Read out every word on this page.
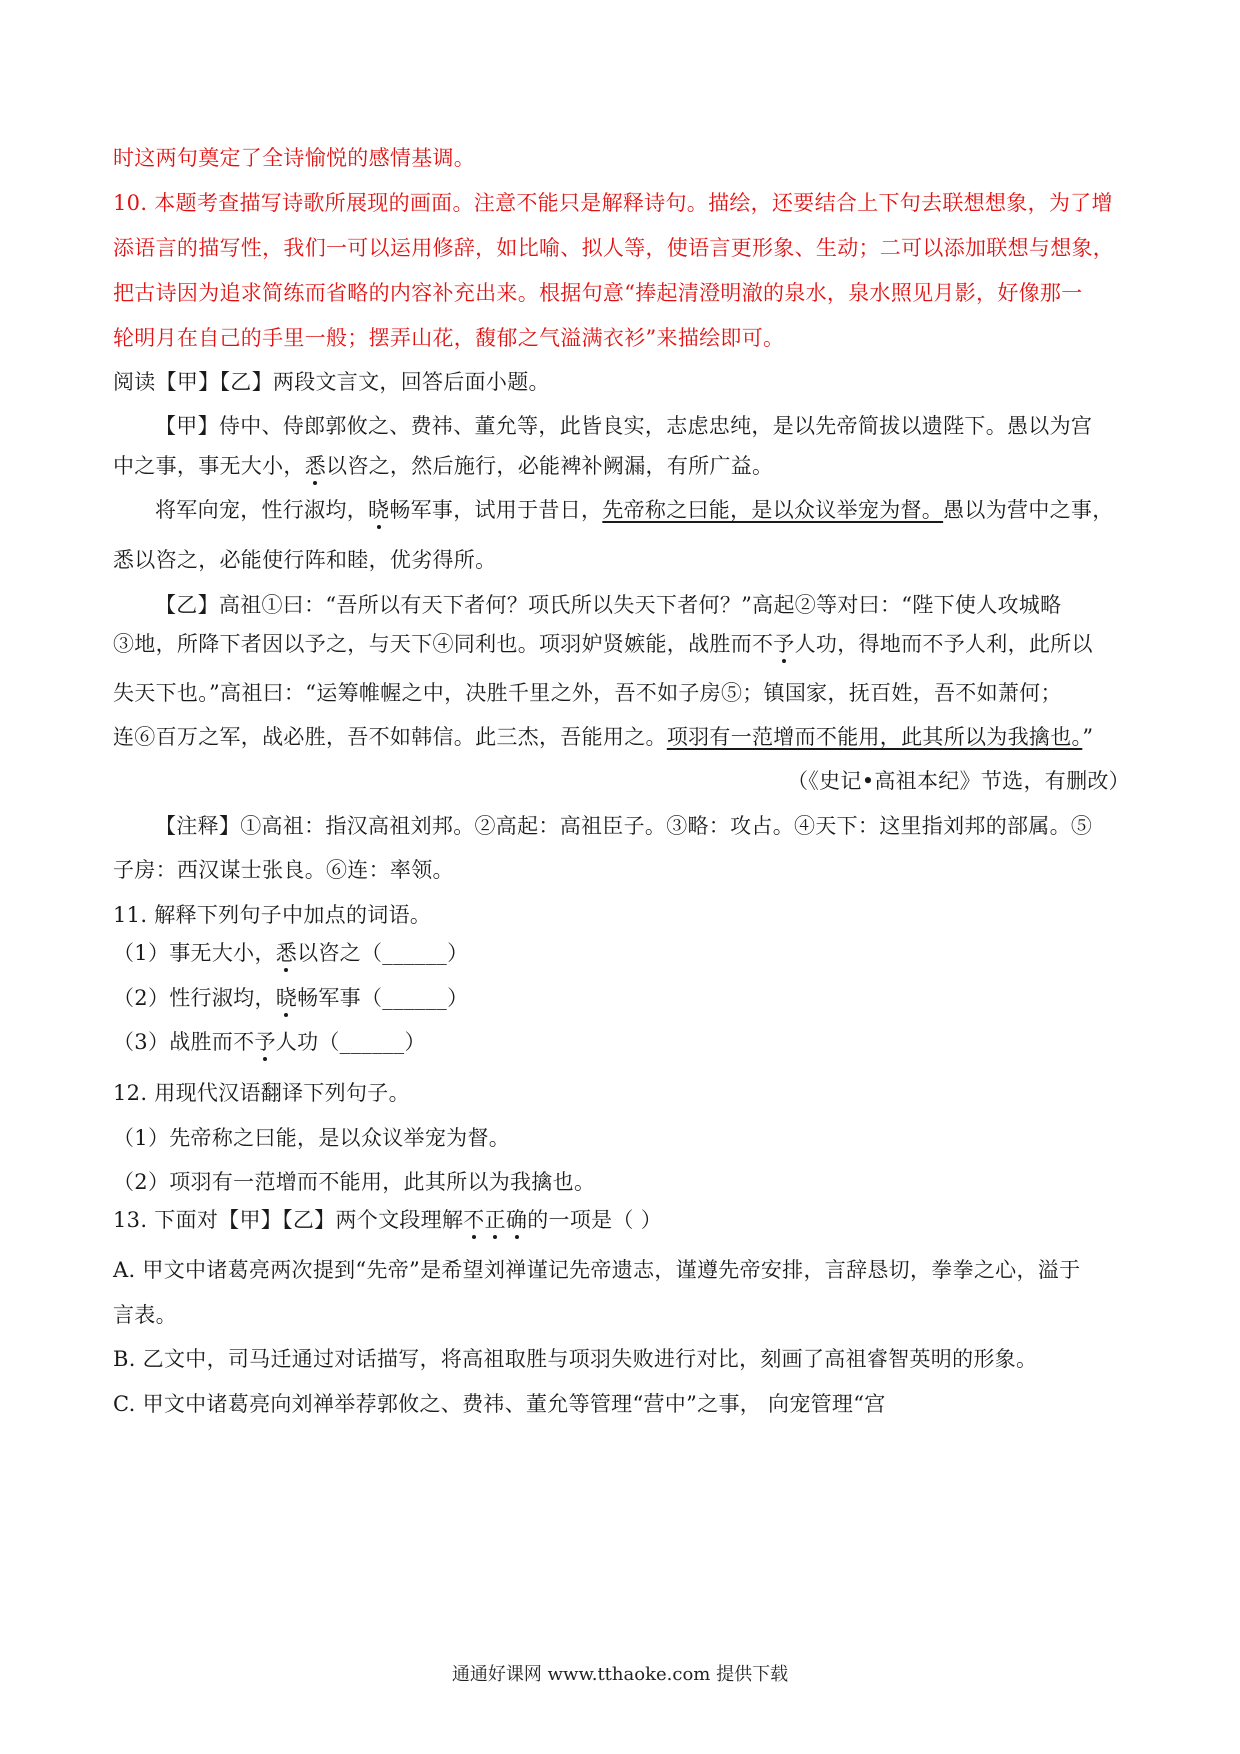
时这两句奠定了全诗愉悦的感情基调。
10. 本题考查描写诗歌所展现的画面。注意不能只是解释诗句。描绘，还要结合上下句去联想想象，为了增
添语言的描写性，我们一可以运用修辞，如比喻、拟人等，使语言更形象、生动；二可以添加联想与想象，
把古诗因为追求简练而省略的内容补充出来。根据句意“捧起清澄明澈的泉水，泉水照见月影，好像那一
轮明月在自己的手里一般；摆弄山花，馥郁之气溢满衣衫”来描绘即可。
阅读【甲】【乙】两段文言文，回答后面小题。
【甲】侍中、侍郎郭攸之、费祎、董允等，此皆良实，志虑忠纯，是以先帝简拔以遗陛下。愚以为宫
中之事，事无大小，悉以咨之，然后施行，必能裨补阙漏，有所广益。
将军向宠，性行淑均，晓畅军事，试用于昔日，先帝称之曰能，是以众议举宠为督。愚以为营中之事，
悉以咨之，必能使行阵和睦，优劣得所。
【乙】高祖①曰：“吾所以有天下者何？项氏所以失天下者何？”高起②等对曰：“陛下使人攻城略
③地，所降下者因以予之，与天下④同利也。项羽妒贤嫉能，战胜而不予人功，得地而不予人利，此所以
失天下也。”高祖曰：“运筹帷幄之中，决胜千里之外，吾不如子房⑤；镇国家，抚百姓，吾不如萧何；
连⑥百万之军，战必胜，吾不如韩信。此三杰，吾能用之。项羽有一范增而不能用，此其所以为我擒也。”
（《史记•高祖本纪》节选，有删改）
【注释】①高祖：指汉高祖刘邦。②高起：高祖臣子。③略：攻占。④天下：这里指刘邦的部属。⑤
子房：西汉谋士张良。⑥连：率领。
11. 解释下列句子中加点的词语。
（1）事无大小，悉以咨之（______）
（2）性行淑均，晓畅军事（______）
（3）战胜而不予人功（______）
12. 用现代汉语翻译下列句子。
（1）先帝称之曰能，是以众议举宠为督。
（2）项羽有一范增而不能用，此其所以为我擒也。
13. 下面对【甲】【乙】两个文段理解不正确的一项是（ ）
A. 甲文中诸葛亮两次提到“先帝”是希望刘禅谨记先帝遗志，谨遵先帝安排，言辞恳切，拳拳之心，溢于
言表。
B. 乙文中，司马迁通过对话描写，将高祖取胜与项羽失败进行对比，刻画了高祖睿智英明的形象。
C. 甲文中诸葛亮向刘禅举荐郭攸之、费祎、董允等管理“营中”之事， 向宠管理“宫
通通好课网 www.tthaoke.com 提供下载
